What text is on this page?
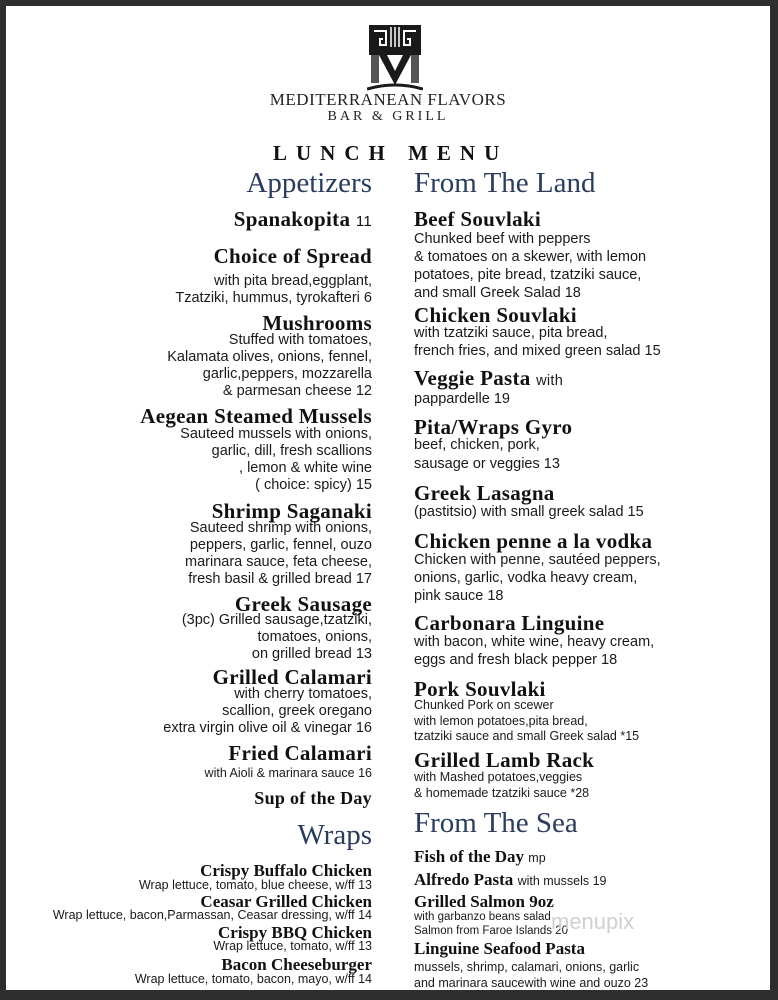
MEDITERRANEAN FLAVORS
BAR & GRILL
LUNCH MENU
Appetizers
Spanakopita 11
Choice of Spread
with pita bread,eggplant,
Tzatziki, hummus, tyrokafteri 6
Mushrooms
Stuffed with tomatoes,
Kalamata olives, onions, fennel,
garlic,peppers, mozzarella
& parmesan cheese 12
Aegean Steamed Mussels
Sauteed mussels with onions,
garlic, dill, fresh scallions
, lemon & white wine
( choice: spicy) 15
Shrimp Saganaki
Sauteed shrimp with onions,
peppers, garlic, fennel, ouzo
marinara sauce, feta cheese,
fresh basil & grilled bread 17
Greek Sausage
(3pc) Grilled sausage,tzatziki,
tomatoes, onions,
on grilled bread 13
Grilled Calamari
with cherry tomatoes,
scallion, greek oregano
extra virgin olive oil & vinegar 16
Fried Calamari
with Aioli & marinara sauce 16
Sup of the Day
Wraps
Crispy Buffalo Chicken
Wrap lettuce, tomato, blue cheese, w/ff 13
Ceasar Grilled Chicken
Wrap lettuce, bacon,Parmassan, Ceasar dressing, w/ff 14
Crispy BBQ Chicken
Wrap lettuce, tomato, w/ff 13
Bacon Cheeseburger
Wrap lettuce, tomato, bacon, mayo, w/ff 14
From The Land
Beef Souvlaki
Chunked beef with peppers
& tomatoes on a skewer, with lemon
potatoes, pite bread, tzatziki sauce,
and small Greek Salad 18
Chicken Souvlaki
with tzatziki sauce, pita bread,
french fries, and mixed green salad 15
Veggie Pasta with
pappardelle 19
Pita/Wraps Gyro
beef, chicken, pork,
sausage or veggies 13
Greek Lasagna
(pastitsio) with small greek salad 15
Chicken penne a la vodka
Chicken with penne, sautéed peppers,
onions, garlic, vodka heavy cream,
pink sauce 18
Carbonara Linguine
with bacon, white wine, heavy cream,
eggs and fresh black pepper 18
Pork Souvlaki
Chunked Pork on scewer
with lemon potatoes,pita bread,
tzatziki sauce and small Greek salad *15
Grilled Lamb Rack
with Mashed potatoes,veggies
& homemade tzatziki sauce *28
From The Sea
Fish of the Day mp
Alfredo Pasta with mussels 19
Grilled Salmon 9oz
with garbanzo beans salad
Salmon from Faroe Islands 20
Linguine Seafood Pasta
mussels, shrimp, calamari, onions, garlic
and marinara saucewith wine and ouzo 23
menupix
